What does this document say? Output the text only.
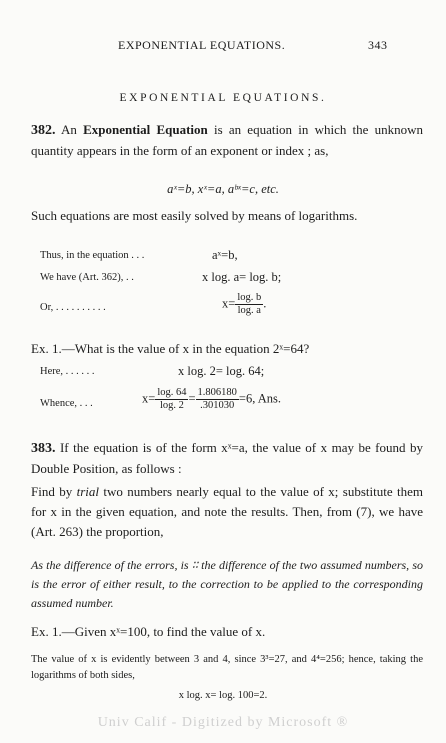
EXPONENTIAL EQUATIONS.	343
EXPONENTIAL EQUATIONS.
382. An Exponential Equation is an equation in which the unknown quantity appears in the form of an exponent or index ; as,
aˣ=b, xˣ=a, aᵇˣ=c, etc.
Such equations are most easily solved by means of logarithms.
Thus, in the equation . . .	aˣ=b,
We have (Art. 362), . .	x log. a= log. b;
Or, . . . . . . . . . .	$x= \frac{\log. b}{\log. a}$ .
Ex. 1.—What is the value of x in the equation 2ˣ=64?
Here, . . . . . .	x log. 2= log. 64;
Whence, . . .	$x= \frac{\log. 64}{\log. 2} = \frac{1.806180}{.301030} =6$, Ans.
383. If the equation is of the form xˣ=a, the value of x may be found by Double Position, as follows :
Find by trial two numbers nearly equal to the value of x; substitute them for x in the given equation, and note the results. Then, from (7), we have (Art. 263) the proportion,
As the difference of the errors, is ∶∶ the difference of the two assumed numbers, so is the error of either result, to the correction to be applied to the corresponding assumed number.
Ex. 1.—Given xˣ=100, to find the value of x.
The value of x is evidently between 3 and 4, since 3³=27, and 4⁴=256; hence, taking the logarithms of both sides,
x log. x= log. 100=2.
Univ Calif - Digitized by Microsoft ®
